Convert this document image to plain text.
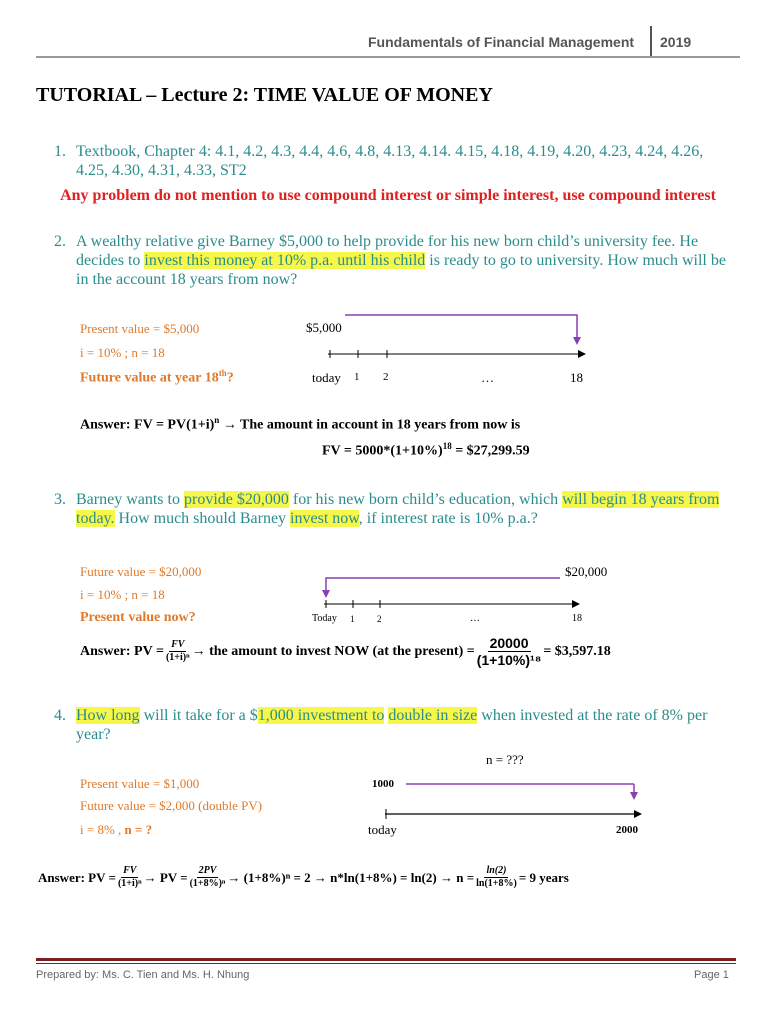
Fundamentals of Financial Management 2019
TUTORIAL – Lecture 2: TIME VALUE OF MONEY
1. Textbook, Chapter 4: 4.1, 4.2, 4.3, 4.4, 4.6, 4.8, 4.13, 4.14. 4.15, 4.18, 4.19, 4.20, 4.23, 4.24, 4.26, 4.25, 4.30, 4.31, 4.33, ST2
Any problem do not mention to use compound interest or simple interest, use compound interest
2. A wealthy relative give Barney $5,000 to help provide for his new born child’s university fee. He decides to invest this money at 10% p.a. until his child is ready to go to university. How much will be in the account 18 years from now?
Present value = $5,000
i = 10% ; n = 18
Future value at year 18th?
$5,000
today 1 2	…	18
Answer: FV = $PV(1+i)^n$ → The amount in account in 18 years from now is
FV = $5000*(1+10\%)^{18}$ = $27,299.59
3. Barney wants to provide $20,000 for his new born child’s education, which will begin 18 years from today. How much should Barney invest now, if interest rate is 10% p.a.?
Future value = $20,000
i = 10% ; n = 18
Present value now?
$20,000
Today 1	2	…	18
Answer: PV = $\frac{FV}{\text{(1+i)ⁿ}}$ → the amount to invest NOW (at the present) = $\frac{20000}{\text{(1+10\%)¹⁸}}$ = $3,597.18
4. How long will it take for a $1,000 investment to double in size when invested at the rate of 8% per year?
n = ???
Present value = $1,000
Future value = $2,000 (double PV)
i = 8% , n = ?
1000
today	2000
Answer: PV = $\frac{FV}{\text{(1+i)ⁿ}}$ → PV = $\frac{2PV}{\text{(1+8\%)ⁿ}} \to (1+8\%)^n = 2 \to n*\ln(1+8\%) = \ln(2) \to n = \frac{\ln(2)}{\ln(1+8\%)} = 9$ years
Prepared by: Ms. C. Tien and Ms. H. Nhung	Page 1
